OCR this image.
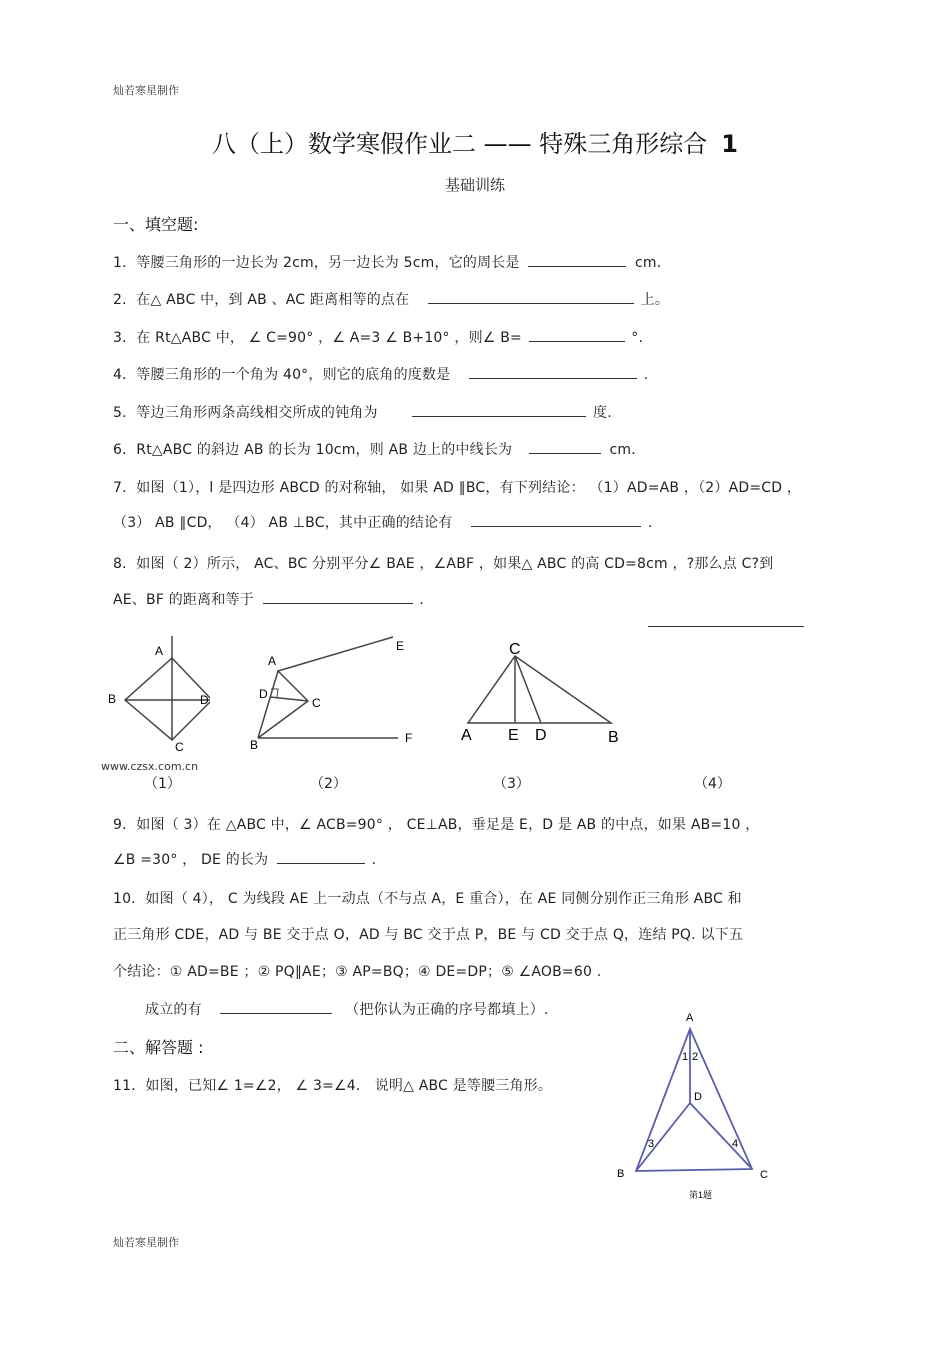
灿若寒星制作
八（上）数学寒假作业二 —— 特殊三角形综合 1
基础训练
一、填空题:
1．等腰三角形的一边长为 2cm，另一边长为 5cm，它的周长是	cm．
2．在△ ABC 中，到 AB 、AC 距离相等的点在	上。
3．在 Rt△ABC 中， ∠ C=90° ，∠ A=3 ∠ B+10° ，则∠ B=	°.
4．等腰三角形的一个角为 40°，则它的底角的度数是	.
5．等边三角形两条高线相交所成的钝角为	度.
6．Rt△ABC 的斜边 AB 的长为 10cm，则 AB 边上的中线长为	cm．
7．如图（1），l 是四边形 ABCD 的对称轴， 如果 AD ∥BC，有下列结论： （1）AD=AB ，（2）AD=CD ，
（3） AB ∥CD， （4） AB ⊥BC，其中正确的结论有	.
8．如图（ 2）所示， AC、BC 分别平分∠ BAE ，∠ABF ，如果△ ABC 的高 CD=8cm ，?那么点 C?到
AE、BF 的距离和等于	.
A
B
C
D
www.czsx.com.cn
A
B
C
D
E
F
C
A E D	B
（1）	（2）	（3）	（4）
9．如图（ 3）在 △ABC 中，∠ ACB=90° ， CE⊥AB，垂足是 E，D 是 AB 的中点，如果 AB=10 ，
∠B =30° ， DE 的长为	.
10．如图（ 4）， C 为线段 AE 上一动点（不与点 A，E 重合），在 AE 同侧分别作正三角形 ABC 和
正三角形 CDE，AD 与 BE 交于点 O，AD 与 BC 交于点 P，BE 与 CD 交于点 Q，连结 PQ. 以下五
个结论：① AD=BE ；② PQ∥AE；③ AP=BQ；④ DE=DP；⑤ ∠AOB=60 .
成立的有	（把你认为正确的序号都填上）.
二、解答题 :
11．如图，已知∠ 1=∠2， ∠ 3=∠4． 说明△ ABC 是等腰三角形。
A
B	C
D
1 2
3	4
第1题
灿若寒星制作
